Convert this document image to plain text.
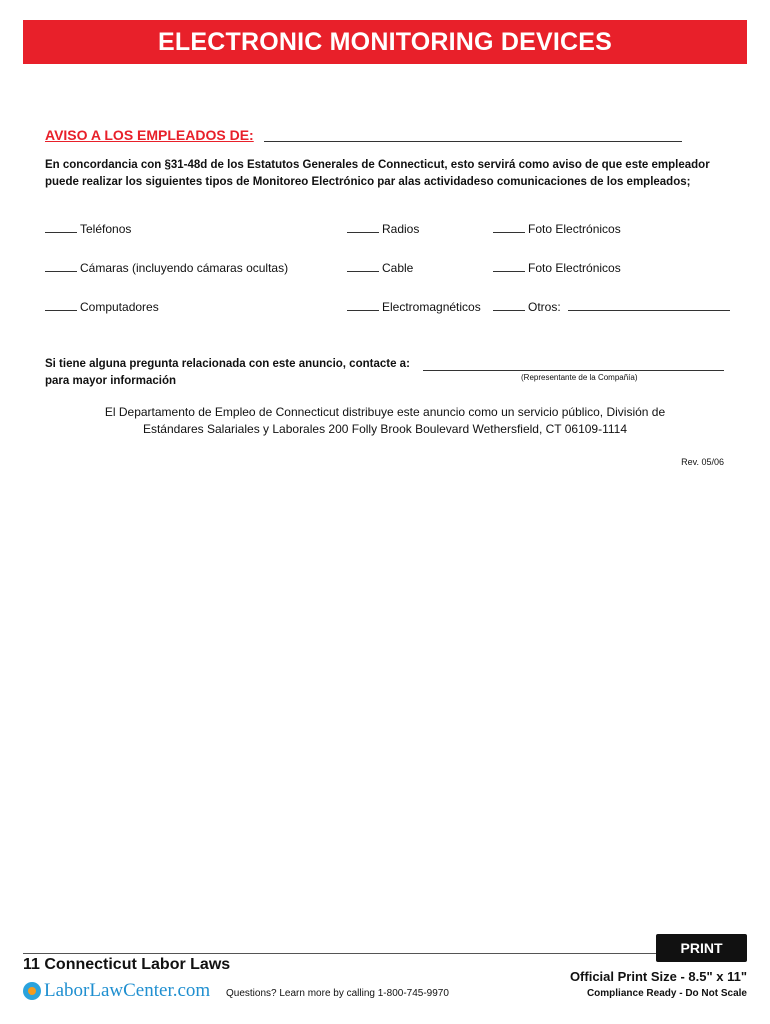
ELECTRONIC MONITORING DEVICES
AVISO A LOS EMPLEADOS DE:
En concordancia con §31-48d de los Estatutos Generales de Connecticut, esto servirá como aviso de que este empleador
puede realizar los siguientes tipos de Monitoreo Electrónico par alas actividadeso comunicaciones de los empleados;
Teléfonos	Radios	Foto Electrónicos
Cámaras (incluyendo cámaras ocultas)	Cable	Foto Electrónicos
Computadores	Electromagnéticos	Otros:
Si tiene alguna pregunta relacionada con este anuncio, contacte a:
para mayor información	(Representante de la Compañía)
El Departamento de Empleo de Connecticut distribuye este anuncio como un servicio público, División de
Estándares Salariales y Laborales 200 Folly Brook Boulevard Wethersfield, CT 06109-1114
Rev. 05/06
PRINT
11 Connecticut Labor Laws
LaborLawCenter.com Questions? Learn more by calling 1-800-745-9970
Official Print Size - 8.5" x 11"
Compliance Ready - Do Not Scale
